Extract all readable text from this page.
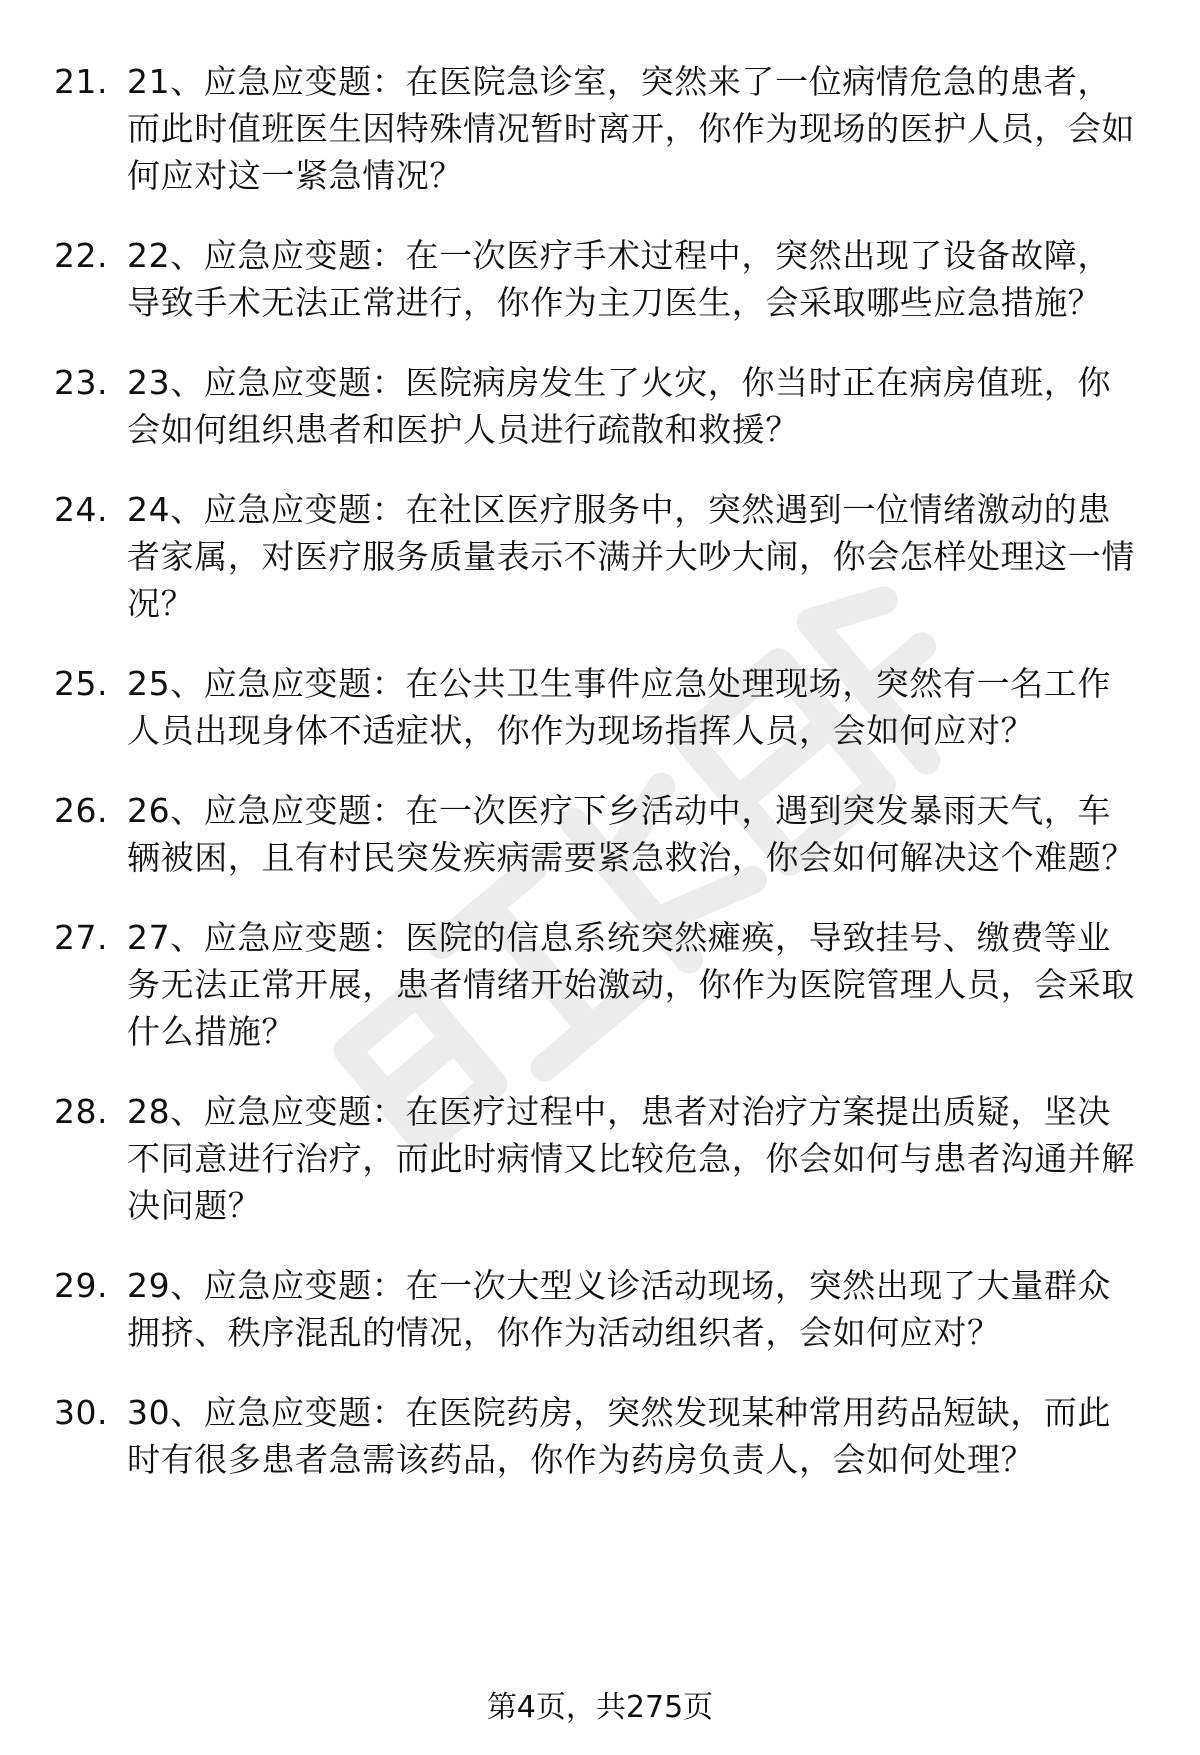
21. 21、应急应变题：在医院急诊室，突然来了一位病情危急的患者，而此时值班医生因特殊情况暂时离开，你作为现场的医护人员，会如何应对这一紧急情况？
22. 22、应急应变题：在一次医疗手术过程中，突然出现了设备故障，导致手术无法正常进行，你作为主刀医生，会采取哪些应急措施？
23. 23、应急应变题：医院病房发生了火灾，你当时正在病房值班，你会如何组织患者和医护人员进行疏散和救援？
24. 24、应急应变题：在社区医疗服务中，突然遇到一位情绪激动的患者家属，对医疗服务质量表示不满并大吵大闹，你会怎样处理这一情况？
25. 25、应急应变题：在公共卫生事件应急处理现场，突然有一名工作人员出现身体不适症状，你作为现场指挥人员，会如何应对？
26. 26、应急应变题：在一次医疗下乡活动中，遇到突发暴雨天气，车辆被困，且有村民突发疾病需要紧急救治，你会如何解决这个难题？
27. 27、应急应变题：医院的信息系统突然瘫痪，导致挂号、缴费等业务无法正常开展，患者情绪开始激动，你作为医院管理人员，会采取什么措施？
28. 28、应急应变题：在医疗过程中，患者对治疗方案提出质疑，坚决不同意进行治疗，而此时病情又比较危急，你会如何与患者沟通并解决问题？
29. 29、应急应变题：在一次大型义诊活动现场，突然出现了大量群众拥挤、秩序混乱的情况，你作为活动组织者，会如何应对？
30. 30、应急应变题：在医院药房，突然发现某种常用药品短缺，而此时有很多患者急需该药品，你作为药房负责人，会如何处理？
第4页，共275页
